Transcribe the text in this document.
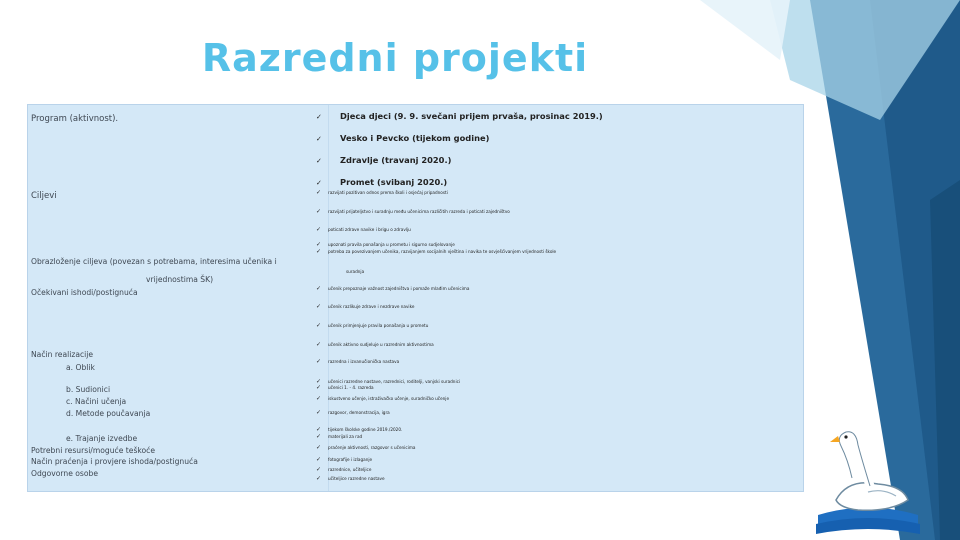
Razredni projekti
Program (aktivnost).
Ciljevi
Obrazloženje ciljeva (povezan s potrebama, interesima učenika i
vrijednostima ŠK)
Očekivani ishodi/postignuća
Način realizacije
a. Oblik
b. Sudionici
c. Načini učenja
d. Metode poučavanja
e. Trajanje izvedbe
Potrebni resursi/moguće teškoće
Način praćenja i provjere ishoda/postignuća
Odgovorne osobe
✓ Djeca djeci (9. 9. svečani prijem prvaša, prosinac 2019.)
✓ Vesko i Pevcko (tijekom godine)
✓ Zdravlje (travanj 2020.)
✓ Promet (svibanj 2020.)
✓ razvijati pozitivan odnos prema školi i osjećaj pripadnosti
✓ razvijati prijateljstvo i suradnju među učenicima različitih razreda i poticati zajedništvo
✓ poticati zdrave navike i brigu o zdravlju
✓ upoznati pravila ponašanja u prometu i sigurno sudjelovanje
✓ potreba za povezivanjem učenika, razvijanjem socijalnih vještina i navika te osvješćivanjem vrijednosti škole
suradnja
✓ učenik prepoznaje važnost zajedništva i pomaže mlađim učenicima
✓ učenik razlikuje zdrave i nezdrave navike
✓ učenik primjenjuje pravila ponašanja u prometu
✓ učenik aktivno sudjeluje u razrednim aktivnostima
✓ razredna i izvanučionička nastava
✓ učenici razredne nastave, razrednici, roditelji, vanjski suradnici
✓ učenici 1. - 4. razreda
✓ iskustveno učenje, istraživačko učenje, suradničko učenje
✓ razgovor, demonstracija, igra
✓ tijekom školske godine 2019./2020.
✓ materijali za rad
✓ praćenje aktivnosti, razgovor s učenicima
✓ fotografije i izlaganje
✓ razrednice, učiteljice
✓ učiteljice razredne nastave
